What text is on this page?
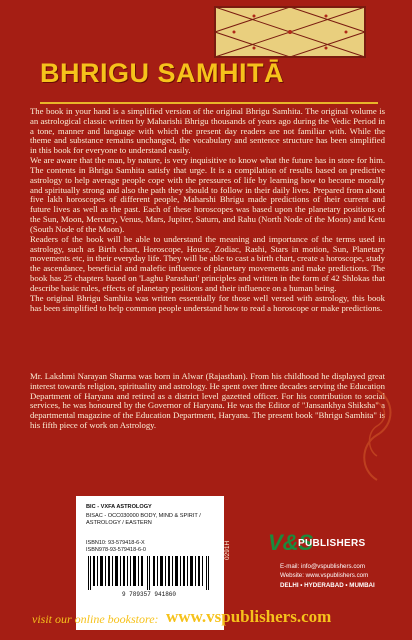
BHRIGU SAMHITĀ

The book in your hand is a simplified version of the original Bhrigu Samhita. The original volume is an astrological classic written by Maharishi Bhrigu thousands of years ago during the Vedic Period in a tone, manner and language with which the present day readers are not familiar with. While the theme and substance remains unchanged, the vocabulary and sentence structure has been simplified in this book for everyone to understand easily.

We are aware that the man, by nature, is very inquisitive to know what the future has in store for him. The contents in Bhrigu Samhita satisfy that urge. It is a compilation of results based on predictive astrology to help average people cope with the pressures of life by learning how to become morally and spiritually strong and also the path they should to follow in their daily lives. Prepared from about five lakh horoscopes of different people, Maharshi Bhrigu made predictions of their current and future lives as well as the past. Each of these horoscopes was based upon the planetary positions of the Sun, Moon, Mercury, Venus, Mars, Jupiter, Saturn, and Rahu (North Node of the Moon) and Ketu (South Node of the Moon).

Readers of the book will be able to understand the meaning and importance of the terms used in astrology, such as Birth chart, Horoscope, House, Zodiac, Rashi, Stars in motion, Sun, Planetary movements etc, in their everyday life. They will be able to cast a birth chart, create a horoscope, study the ascendance, beneficial and malefic influence of planetary movements and make predictions. The book has 25 chapters based on 'Laghu Parashari' principles and written in the form of 42 Shlokas that describe basic rules, effects of planetary positions and their influence on a human being.

The original Bhrigu Samhita was written essentially for those well versed with astrology, this book has been simplified to help common people understand how to read a horoscope or make predictions.

Mr. Lakshmi Narayan Sharma was born in Alwar (Rajasthan). From his childhood he displayed great interest towards religion, spirituality and astrology. He spent over three decades serving the Education Department of Haryana and retired as a district level gazetted officer. For his contribution to social services, he was honoured by the Governor of Haryana. He was the Editor of "Jansankhya Shiksha" a departmental magazine of the Education Department, Haryana. The present book "Bhrigu Samhita" is his fifth piece of work on Astrology.
BIC - VXFA ASTROLOGY
BISAC - OCC030000 BODY, MIND & SPIRIT / ASTROLOGY / EASTERN
ISBN10: 93-579418-6-X
ISBN978-93-579418-6-0
9 789357 941860
0291H V&S
PUBLISHERS
E-mail: info@vspublishers.com
Website: www.vspublishers.com
DELHI • HYDERABAD • MUMBAI
visit our online bookstore: www.vspublishers.com
